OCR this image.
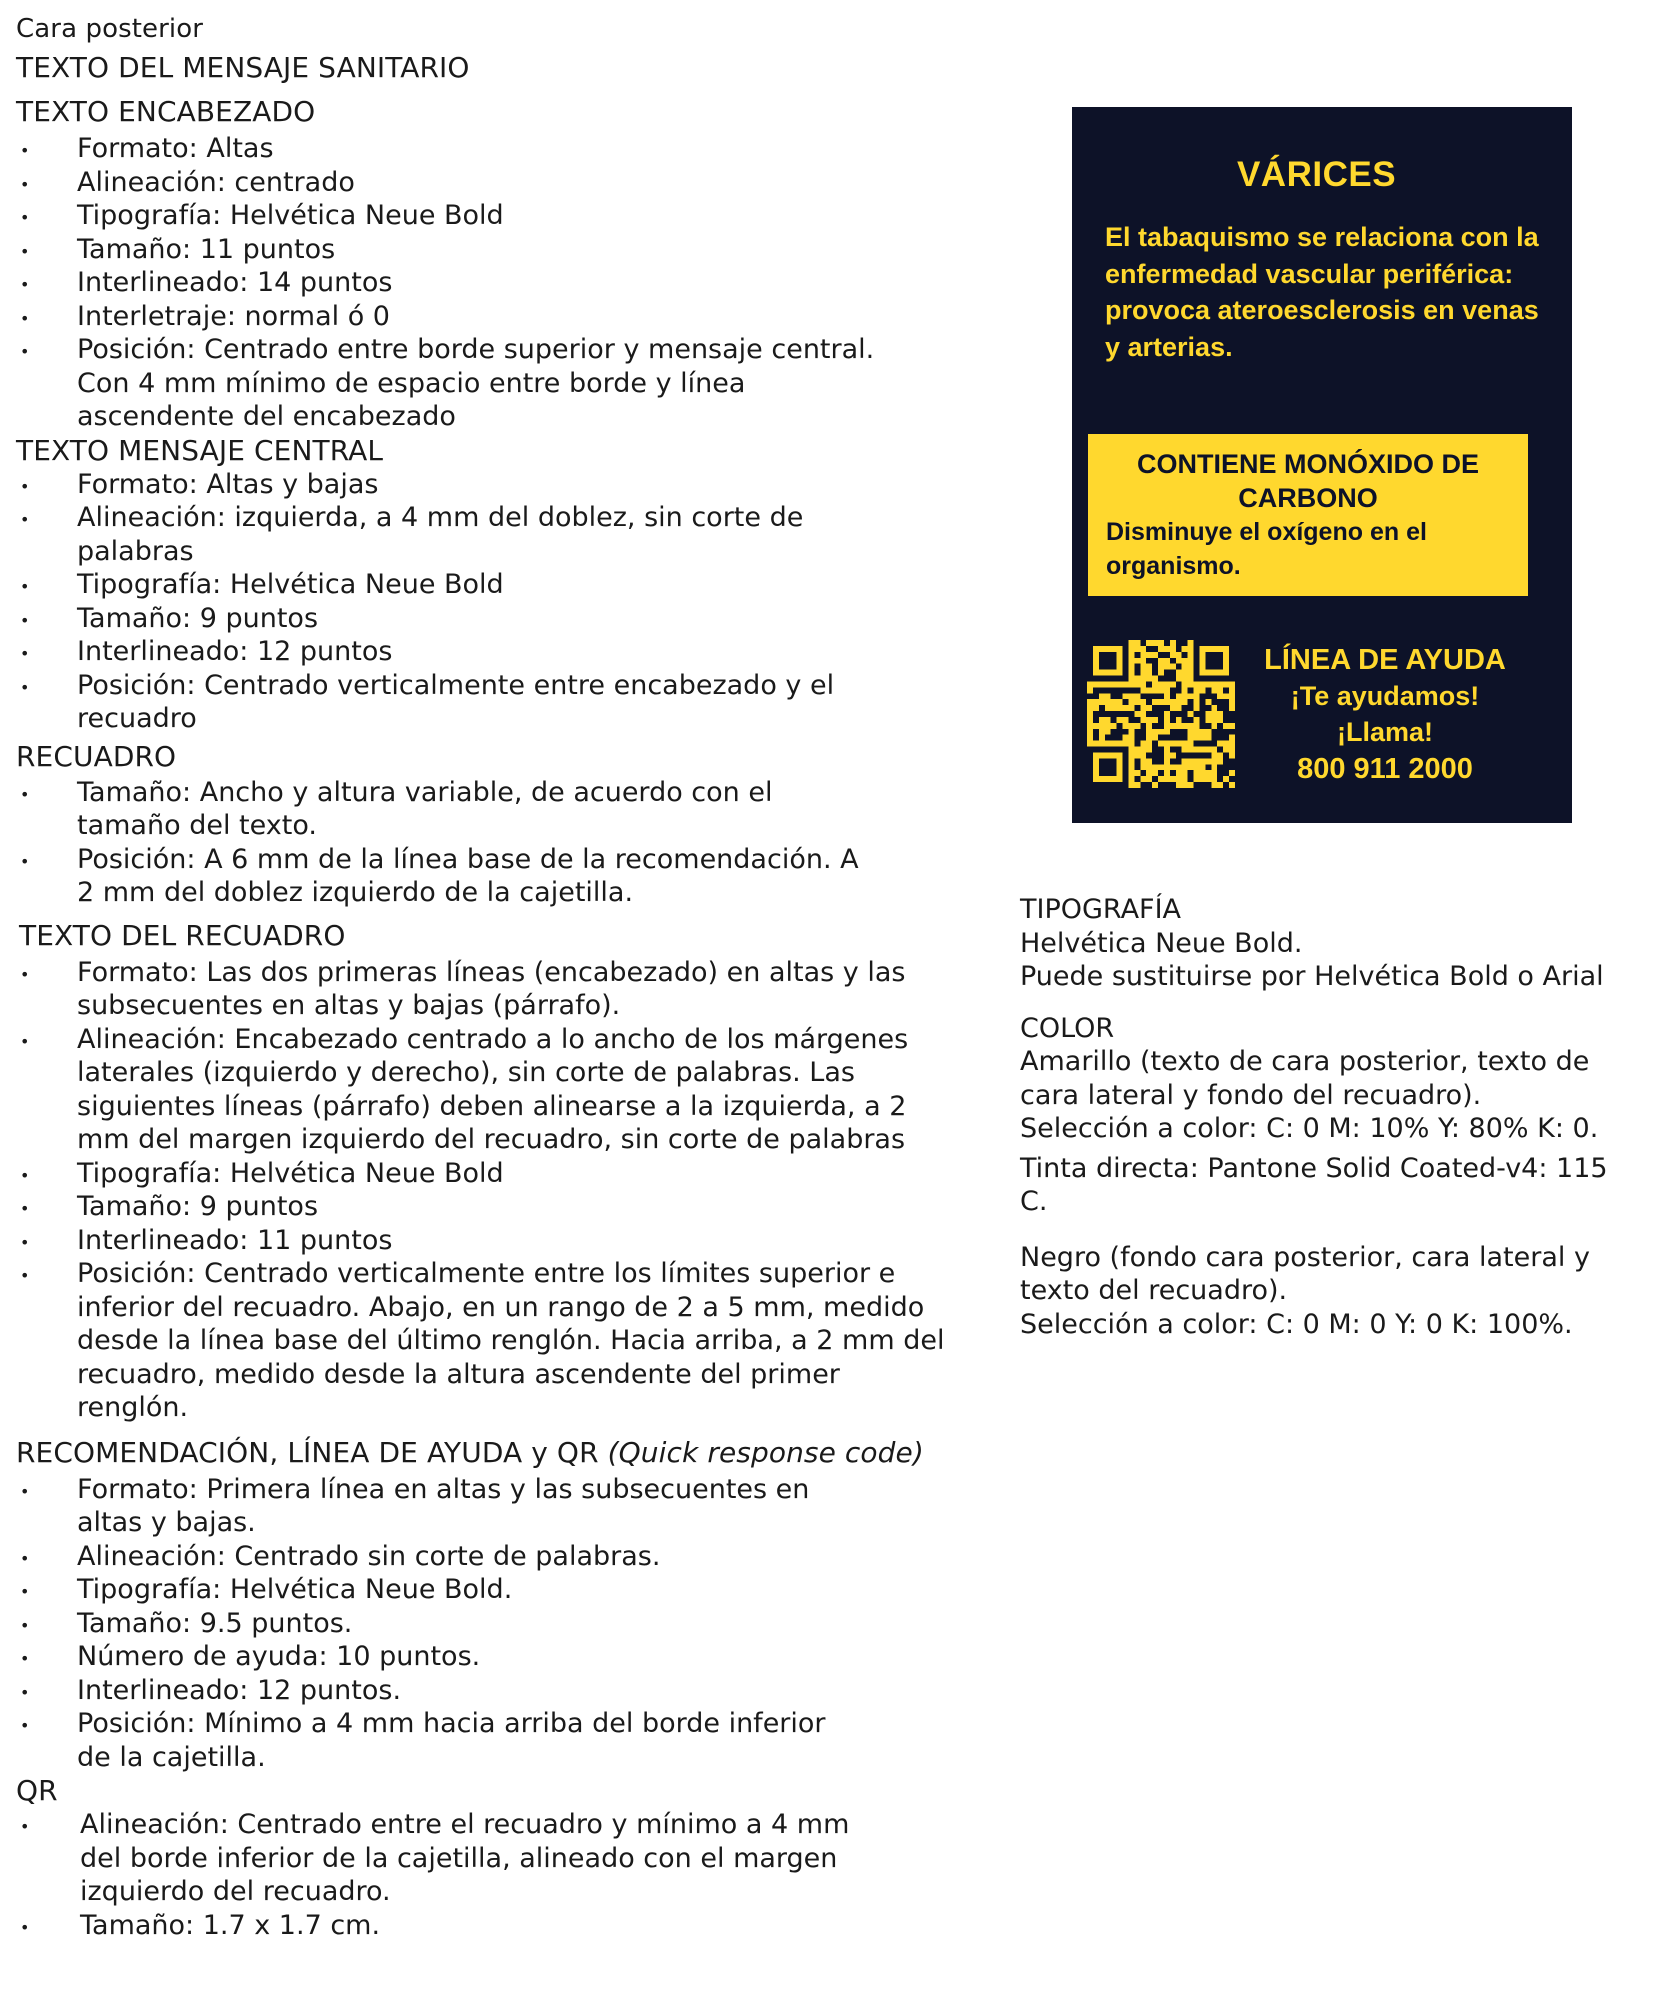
Cara posterior
TEXTO DEL MENSAJE SANITARIO
TEXTO ENCABEZADO
• Formato: Altas
• Alineación: centrado
• Tipografía: Helvética Neue Bold
• Tamaño: 11 puntos
• Interlineado: 14 puntos
• Interletraje: normal ó 0
• Posición: Centrado entre borde superior y mensaje central. Con 4 mm mínimo de espacio entre borde y línea ascendente del encabezado
TEXTO MENSAJE CENTRAL
• Formato: Altas y bajas
• Alineación: izquierda, a 4 mm del doblez, sin corte de palabras
• Tipografía: Helvética Neue Bold
• Tamaño: 9 puntos
• Interlineado: 12 puntos
• Posición: Centrado verticalmente entre encabezado y el recuadro
RECUADRO
• Tamaño: Ancho y altura variable, de acuerdo con el tamaño del texto.
• Posición: A 6 mm de la línea base de la recomendación. A 2 mm del doblez izquierdo de la cajetilla.
TEXTO DEL RECUADRO
• Formato: Las dos primeras líneas (encabezado) en altas y las subsecuentes en altas y bajas (párrafo).
• Alineación: Encabezado centrado a lo ancho de los márgenes laterales (izquierdo y derecho), sin corte de palabras. Las siguientes líneas (párrafo) deben alinearse a la izquierda, a 2 mm del margen izquierdo del recuadro, sin corte de palabras
• Tipografía: Helvética Neue Bold
• Tamaño: 9 puntos
• Interlineado: 11 puntos
• Posición: Centrado verticalmente entre los límites superior e inferior del recuadro. Abajo, en un rango de 2 a 5 mm, medido desde la línea base del último renglón. Hacia arriba, a 2 mm del recuadro, medido desde la altura ascendente del primer renglón.
RECOMENDACIÓN, LÍNEA DE AYUDA y QR (Quick response code)
• Formato: Primera línea en altas y las subsecuentes en altas y bajas.
• Alineación: Centrado sin corte de palabras.
• Tipografía: Helvética Neue Bold.
• Tamaño: 9.5 puntos.
• Número de ayuda: 10 puntos.
• Interlineado: 12 puntos.
• Posición: Mínimo a 4 mm hacia arriba del borde inferior de la cajetilla.
QR
• Alineación: Centrado entre el recuadro y mínimo a 4 mm del borde inferior de la cajetilla, alineado con el margen izquierdo del recuadro.
• Tamaño: 1.7 x 1.7 cm.
VÁRICES
El tabaquismo se relaciona con la enfermedad vascular periférica: provoca ateroesclerosis en venas y arterias.
CONTIENE MONÓXIDO DE CARBONO
Disminuye el oxígeno en el organismo.
LÍNEA DE AYUDA
¡Te ayudamos!
¡Llama!
800 911 2000

TIPOGRAFÍA

Helvética Neue Bold.

Puede sustituirse por Helvética Bold o Arial

COLOR

Amarillo (texto de cara posterior, texto de cara lateral y fondo del recuadro).

Selección a color: C: 0 M: 10% Y: 80% K: 0.

Tinta directa: Pantone Solid Coated-v4: 115 C.

Negro (fondo cara posterior, cara lateral y texto del recuadro).

Selección a color: C: 0 M: 0 Y: 0 K: 100%.
